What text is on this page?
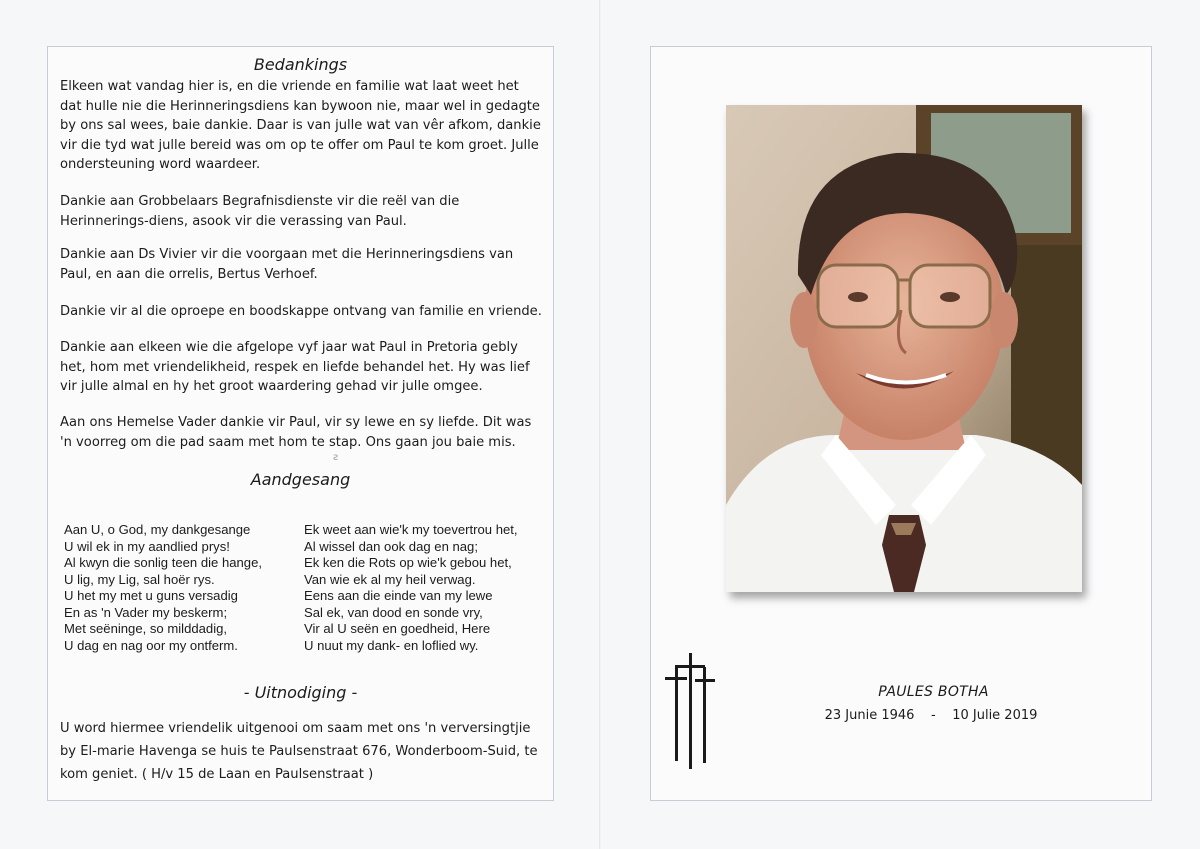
Bedankings

Elkeen wat vandag hier is, en die vriende en familie wat laat weet het dat hulle nie die Herinneringsdiens kan bywoon nie, maar wel in gedagte by ons sal wees, baie dankie. Daar is van julle wat van vêr afkom, dankie vir die tyd wat julle bereid was om op te offer om Paul te kom groet. Julle ondersteuning word waardeer.

Dankie aan Grobbelaars Begrafnisdienste vir die reël van die Herinnerings-diens, asook vir die verassing van Paul.

Dankie aan Ds Vivier vir die voorgaan met die Herinneringsdiens van Paul, en aan die orrelis, Bertus Verhoef.

Dankie vir al die oproepe en boodskappe ontvang van familie en vriende.

Dankie aan elkeen wie die afgelope vyf jaar wat Paul in Pretoria gebly het, hom met vriendelikheid, respek en liefde behandel het. Hy was lief vir julle almal en hy het groot waardering gehad vir julle omgee.

Aan ons Hemelse Vader dankie vir Paul, vir sy lewe en sy liefde. Dit was 'n voorreg om die pad saam met hom te stap. Ons gaan jou baie mis.

ƨ
Aandgesang
Aan U, o God, my dankgesange
U wil ek in my aandlied prys!
Al kwyn die sonlig teen die hange,
U lig, my Lig, sal hoër rys.
U het my met u guns versadig
En as 'n Vader my beskerm;
Met seëninge, so milddadig,
U dag en nag oor my ontferm.
Ek weet aan wie'k my toevertrou het,
Al wissel dan ook dag en nag;
Ek ken die Rots op wie'k gebou het,
Van wie ek al my heil verwag.
Eens aan die einde van my lewe
Sal ek, van dood en sonde vry,
Vir al U seën en goedheid, Here
U nuut my dank- en loflied wy.
- Uitnodiging -

U word hiermee vriendelik uitgenooi om saam met ons 'n verversingtjie by El-marie Havenga se huis te Paulsenstraat 676, Wonderboom-Suid, te kom geniet. ( H/v 15 de Laan en Paulsenstraat )

PAULES BOTHA
23 Junie 1946 - 10 Julie 2019
